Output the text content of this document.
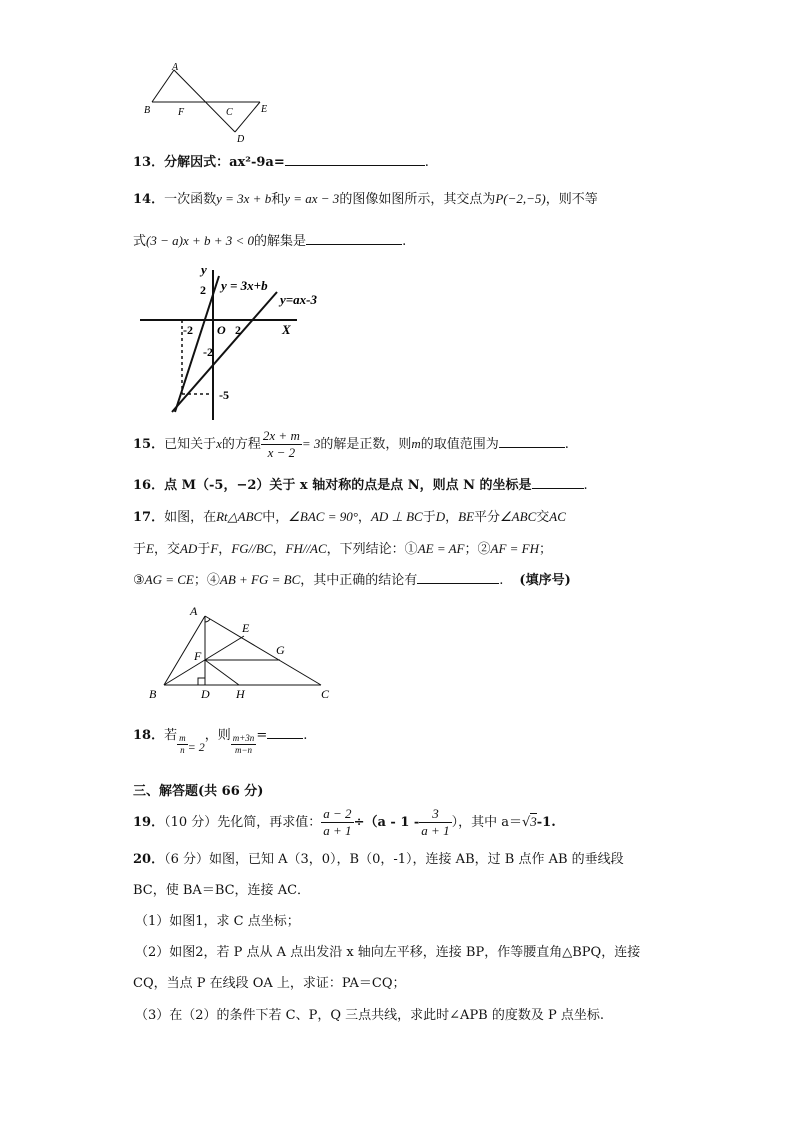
A
B	F	C	E
D
13．分解因式：ax²-9a=	.
14．一次函数y = 3x + b和y = ax − 3的图像如图所示，其交点为P(−2,−5)，则不等
式(3 − a)x + b + 3 < 0的解集是	.
y
X
y = 3x+b
y=ax-3
2
-2 O 2
-2
-5
15．已知关于x的方程 $\frac{2x + m}{x - 2} = 3$的解是正数，则m的取值范围为	.
16．点 M（-5，−2）关于 x 轴对称的点是点 N，则点 N 的坐标是	.
17．如图，在Rt△ABC中，∠BAC = 90°，AD ⊥ BC于D，BE平分∠ABC交AC
于E，交AD于F，FG//BC，FH//AC，下列结论：①AE = AF；②AF = FH；
③AG = CE；④AB + FG = BC，其中正确的结论有	. (填序号)
A
E
G
F
B	D H	C
18．若 $\frac{m}{n} = 2$，则 $\frac{m+3n}{m-n}$ =	.
三、解答题(共 66 分)
19．（10 分）先化简，再求值： $\frac{a - 2}{a + 1} \div(a - 1 - \frac{3}{a + 1}$ ），其中 a＝√3-1.
20．（6 分）如图，已知 A（3，0），B（0，-1），连接 AB，过 B 点作 AB 的垂线段
BC，使 BA＝BC，连接 AC．
（1）如图1，求 C 点坐标；
（2）如图2，若 P 点从 A 点出发沿 x 轴向左平移，连接 BP，作等腰直角△BPQ，连接
CQ，当点 P 在线段 OA 上，求证：PA＝CQ；
（3）在（2）的条件下若 C、P，Q 三点共线，求此时∠APB 的度数及 P 点坐标.
